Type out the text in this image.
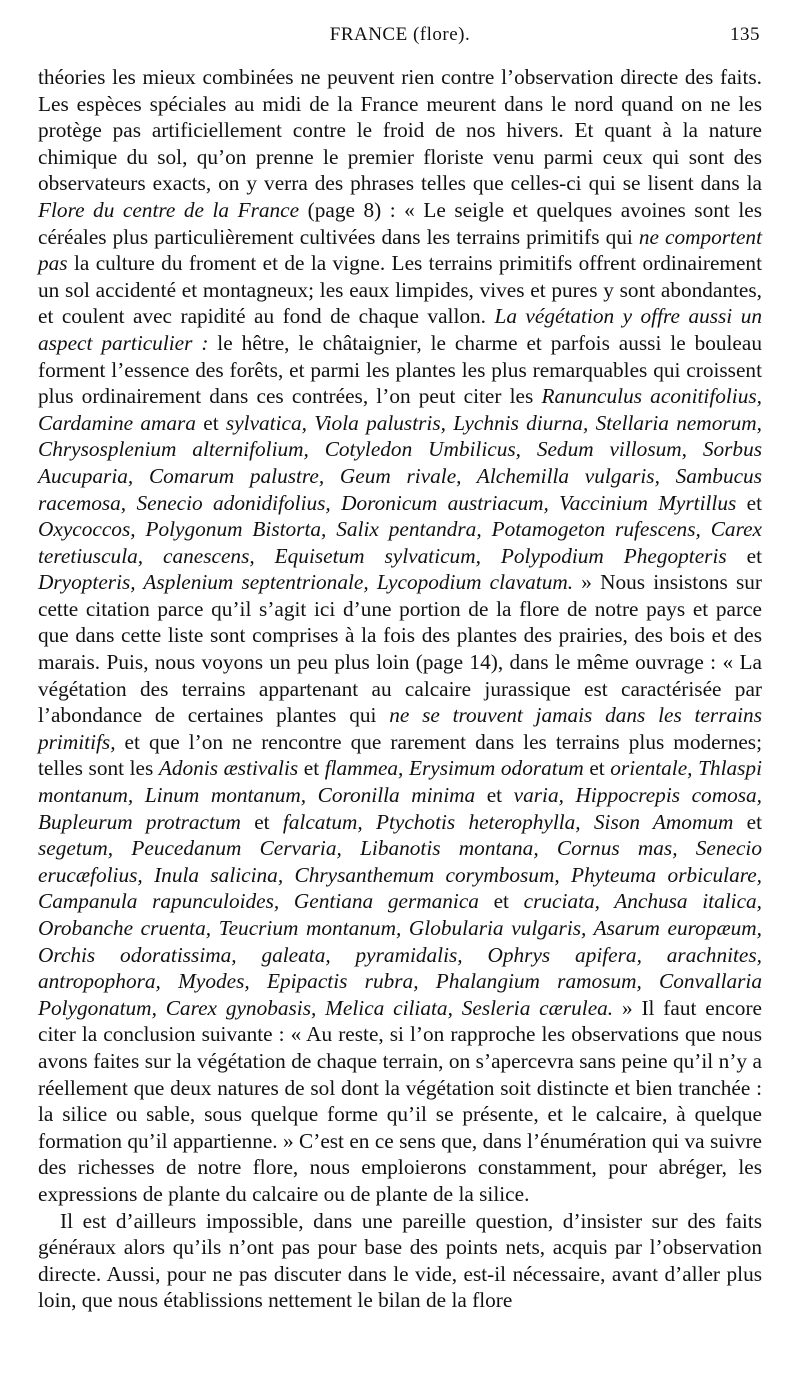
FRANCE (flore).	135

théories les mieux combinées ne peuvent rien contre l’observation directe des faits. Les espèces spéciales au midi de la France meurent dans le nord quand on ne les protège pas artificiellement contre le froid de nos hivers. Et quant à la nature chimique du sol, qu’on prenne le premier floriste venu parmi ceux qui sont des observateurs exacts, on y verra des phrases telles que celles-ci qui se lisent dans la Flore du centre de la France (page 8) : « Le seigle et quelques avoines sont les céréales plus particulièrement cultivées dans les terrains primitifs qui ne comportent pas la culture du froment et de la vigne. Les terrains primitifs offrent ordinairement un sol accidenté et montagneux; les eaux limpides, vives et pures y sont abondantes, et coulent avec rapidité au fond de chaque vallon. La végétation y offre aussi un aspect particulier : le hêtre, le châtaignier, le charme et parfois aussi le bouleau forment l’essence des forêts, et parmi les plantes les plus remarquables qui croissent plus ordinairement dans ces contrées, l’on peut citer les Ranunculus aconitifolius, Cardamine amara et sylvatica, Viola palustris, Lychnis diurna, Stellaria nemorum, Chrysosplenium alternifolium, Cotyledon Umbilicus, Sedum villosum, Sorbus Aucuparia, Comarum palustre, Geum rivale, Alchemilla vulgaris, Sambucus racemosa, Senecio adonidifolius, Doronicum austriacum, Vaccinium Myrtillus et Oxycoccos, Polygonum Bistorta, Salix pentandra, Potamogeton rufescens, Carex teretiuscula, canescens, Equisetum sylvaticum, Polypodium Phegopteris et Dryopteris, Asplenium septentrionale, Lycopodium clavatum. » Nous insistons sur cette citation parce qu’il s’agit ici d’une portion de la flore de notre pays et parce que dans cette liste sont comprises à la fois des plantes des prairies, des bois et des marais. Puis, nous voyons un peu plus loin (page 14), dans le même ouvrage : « La végétation des terrains appartenant au calcaire jurassique est caractérisée par l’abondance de certaines plantes qui ne se trouvent jamais dans les terrains primitifs, et que l’on ne rencontre que rarement dans les terrains plus modernes; telles sont les Adonis æstivalis et flammea, Erysimum odoratum et orientale, Thlaspi montanum, Linum montanum, Coronilla minima et varia, Hippocrepis comosa, Bupleurum protractum et falcatum, Ptychotis heterophylla, Sison Amomum et segetum, Peucedanum Cervaria, Libanotis montana, Cornus mas, Senecio erucæfolius, Inula salicina, Chrysanthemum corymbosum, Phyteuma orbiculare, Campanula rapunculoides, Gentiana germanica et cruciata, Anchusa italica, Orobanche cruenta, Teucrium montanum, Globularia vulgaris, Asarum europæum, Orchis odoratissima, galeata, pyramidalis, Ophrys apifera, arachnites, antropophora, Myodes, Epipactis rubra, Phalangium ramosum, Convallaria Polygonatum, Carex gynobasis, Melica ciliata, Sesleria cærulea. » Il faut encore citer la conclusion suivante : « Au reste, si l’on rapproche les observations que nous avons faites sur la végétation de chaque terrain, on s’apercevra sans peine qu’il n’y a réellement que deux natures de sol dont la végétation soit distincte et bien tranchée : la silice ou sable, sous quelque forme qu’il se présente, et le calcaire, à quelque formation qu’il appartienne. » C’est en ce sens que, dans l’énumération qui va suivre des richesses de notre flore, nous emploierons constamment, pour abréger, les expressions de plante du calcaire ou de plante de la silice.

Il est d’ailleurs impossible, dans une pareille question, d’insister sur des faits généraux alors qu’ils n’ont pas pour base des points nets, acquis par l’observation directe. Aussi, pour ne pas discuter dans le vide, est-il nécessaire, avant d’aller plus loin, que nous établissions nettement le bilan de la flore
